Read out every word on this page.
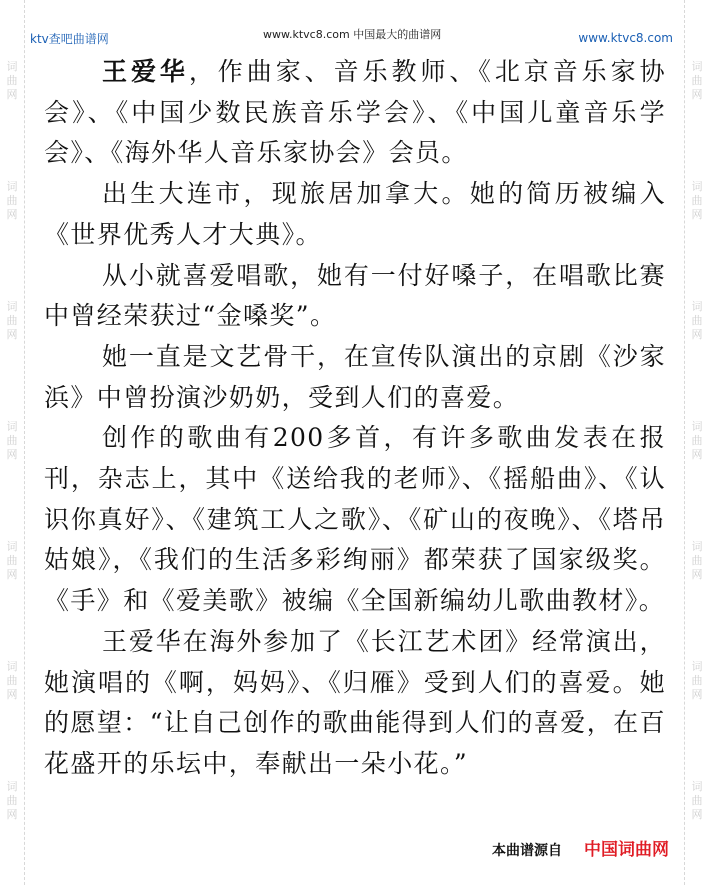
词曲网
词曲网
词曲网
词曲网
词曲网
词曲网
词曲网
词曲网
词曲网
词曲网
词曲网
词曲网
词曲网
词曲网
ktv查吧曲谱网	www.ktvc8.com 中国最大的曲谱网	www.ktvc8.com

王爱华，作曲家、音乐教师、《北京音乐家协会》、《中国少数民族音乐学会》、《中国儿童音乐学会》、《海外华人音乐家协会》会员。

出生大连市，现旅居加拿大。她的简历被编入《世界优秀人才大典》。

从小就喜爱唱歌，她有一付好嗓子，在唱歌比赛中曾经荣获过“金嗓奖”。

她一直是文艺骨干，在宣传队演出的京剧《沙家浜》中曾扮演沙奶奶，受到人们的喜爱。

创作的歌曲有200多首，有许多歌曲发表在报刊，杂志上，其中《送给我的老师》、《摇船曲》、《认识你真好》、《建筑工人之歌》、《矿山的夜晚》、《塔吊姑娘》，《我们的生活多彩绚丽》都荣获了国家级奖。《手》和《爱美歌》被编《全国新编幼儿歌曲教材》。

王爱华在海外参加了《长江艺术团》经常演出，她演唱的《啊，妈妈》、《归雁》受到人们的喜爱。她的愿望：“让自己创作的歌曲能得到人们的喜爱，在百花盛开的乐坛中，奉献出一朵小花。”

本曲谱源自 中国词曲网
